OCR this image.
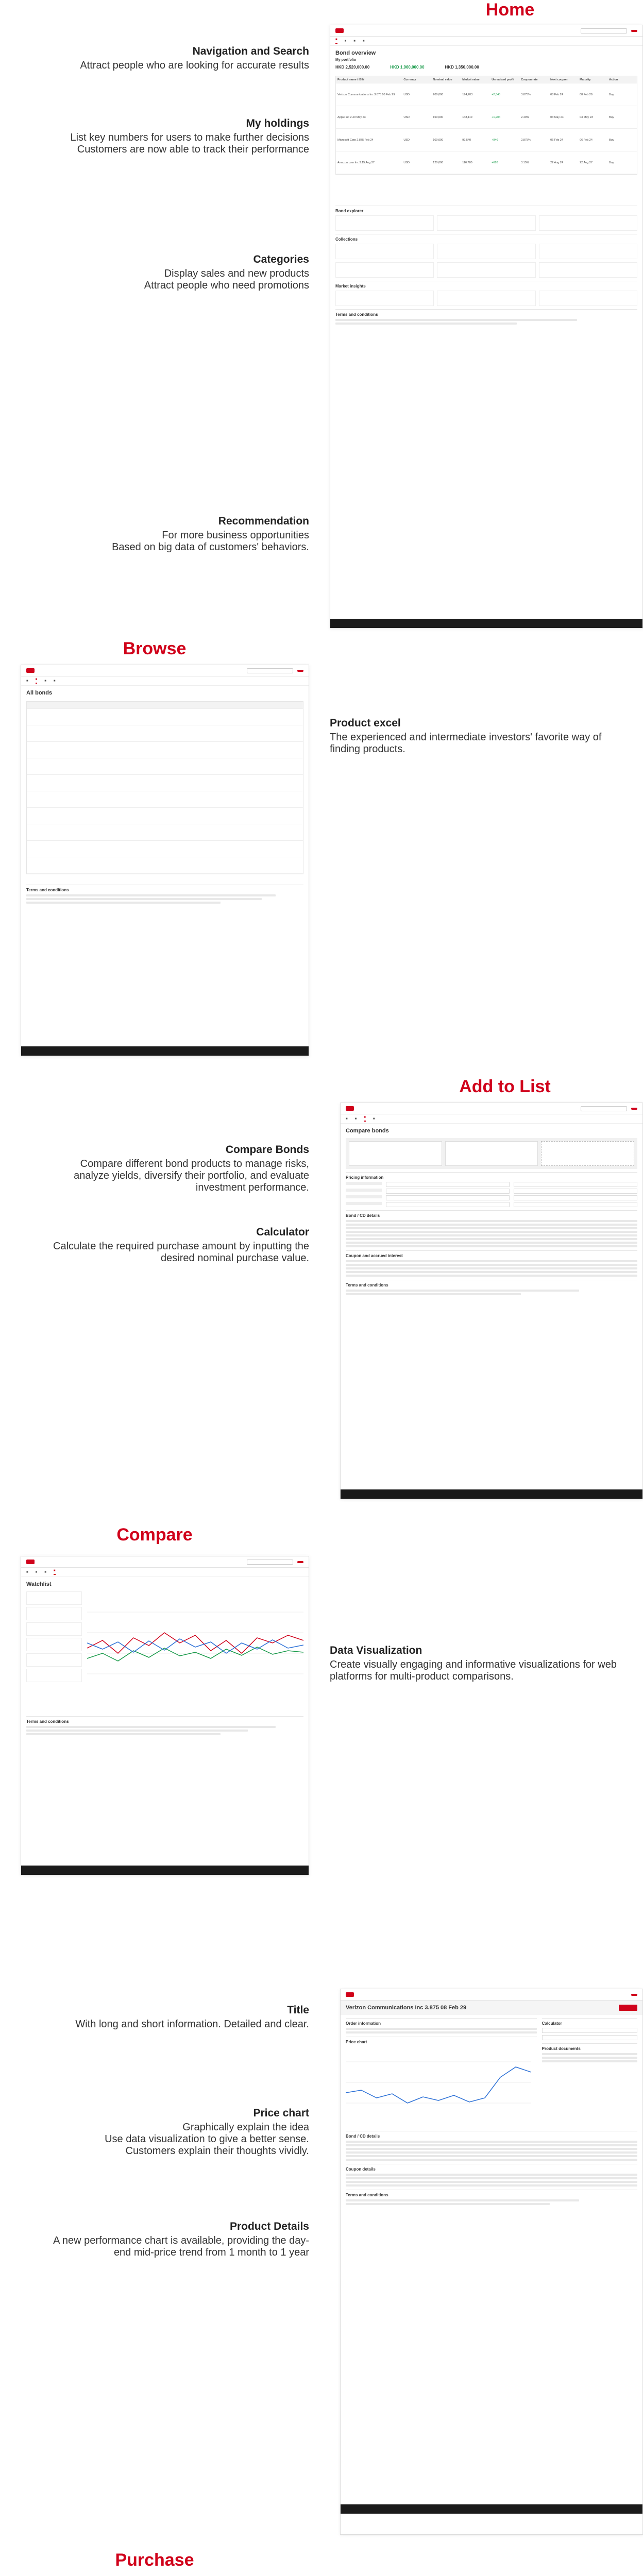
Home
Navigation and Search
Attract people who are looking for accurate results
My holdings
List key numbers for users to make further decisions
Customers are now able to track their performance
Categories
Display sales and new products
Attract people who need promotions
Recommendation
For more business opportunities
Based on big data of customers' behaviors.
■ ■ ■ ■
Bond overview
My portfolio
HKD 2,520,000.00	HKD 1,960,000.00	HKD 1,350,000.00
Product name / ISIN	Currency	Nominal value	Market value	Unrealised profit	Coupon rate	Next coupon	Maturity	Action
Verizon Communications Inc 3.875 08 Feb 29	USD	200,000	194,203	+2,345	3.875%	08 Feb 24	08 Feb 29	Buy
Apple Inc 2.40 May 23	USD	150,000	148,110	+1,204	2.40%	03 May 24	03 May 23	Buy
Microsoft Corp 2.875 Feb 24	USD	100,000	99,540	+840	2.875%	06 Feb 24	06 Feb 24	Buy
Amazon.com Inc 3.15 Aug 27	USD	120,000	116,780	+620	3.15%	22 Aug 24	22 Aug 27	Buy
Bond explorer
Collections
Market insights
Terms and conditions
Browse
■ ■ ■ ■
All bonds
Terms and conditions
Product excel
The experienced and intermediate investors' favorite way of finding products.
Add to List
Compare Bonds
Compare different bond products to manage risks, analyze yields, diversify their portfolio, and evaluate investment performance.
Calculator
Calculate the required purchase amount by inputting the desired nominal purchase value.
■ ■ ■ ■
Compare bonds
Pricing information
Bond / CD details
Coupon and accrued interest
Terms and conditions
Compare
■ ■ ■ ■
Watchlist
Terms and conditions
Data Visualization
Create visually engaging and informative visualizations for web platforms for multi-product comparisons.
Title
With long and short information. Detailed and clear.
Price chart
Graphically explain the idea
Use data visualization to give a better sense.
Customers explain their thoughts vividly.
Product Details
A new performance chart is available, providing the day-end mid-price trend from 1 month to 1 year
Verizon Communications Inc 3.875 08 Feb 29
Order information
Price chart
Calculator
Product documents
Bond / CD details
Coupon details
Terms and conditions
Purchase
